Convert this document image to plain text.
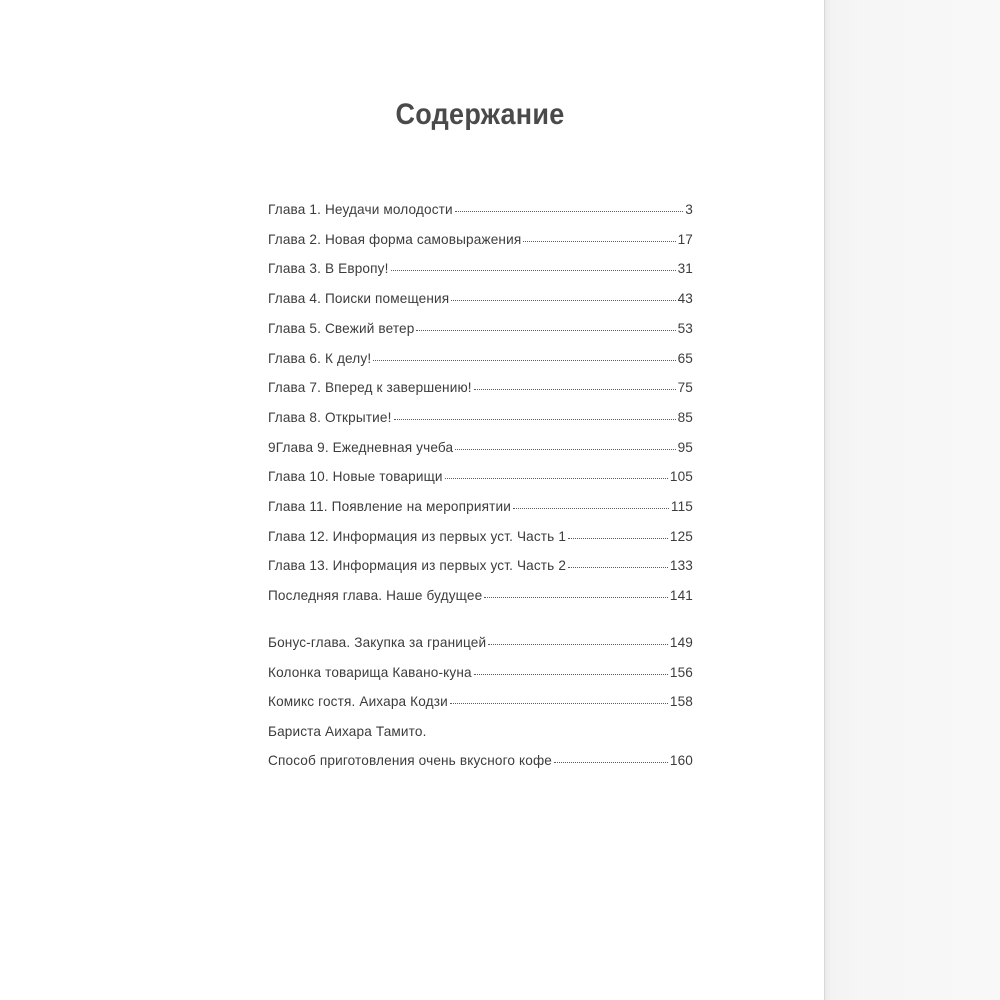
Содержание
Глава 1. Неудачи молодости	3
Глава 2. Новая форма самовыражения	17
Глава 3. В Европу!	31
Глава 4. Поиски помещения	43
Глава 5. Свежий ветер	53
Глава 6. К делу!	65
Глава 7. Вперед к завершению!	75
Глава 8. Открытие!	85
9Глава 9. Ежедневная учеба	95
Глава 10. Новые товарищи	105
Глава 11. Появление на мероприятии	115
Глава 12. Информация из первых уст. Часть 1	125
Глава 13. Информация из первых уст. Часть 2	133
Последняя глава. Наше будущее	141
Бонус-глава. Закупка за границей	149
Колонка товарища Кавано-куна	156
Комикс гостя. Аихара Кодзи	158
Бариста Аихара Тамито.
Способ приготовления очень вкусного кофе	160
